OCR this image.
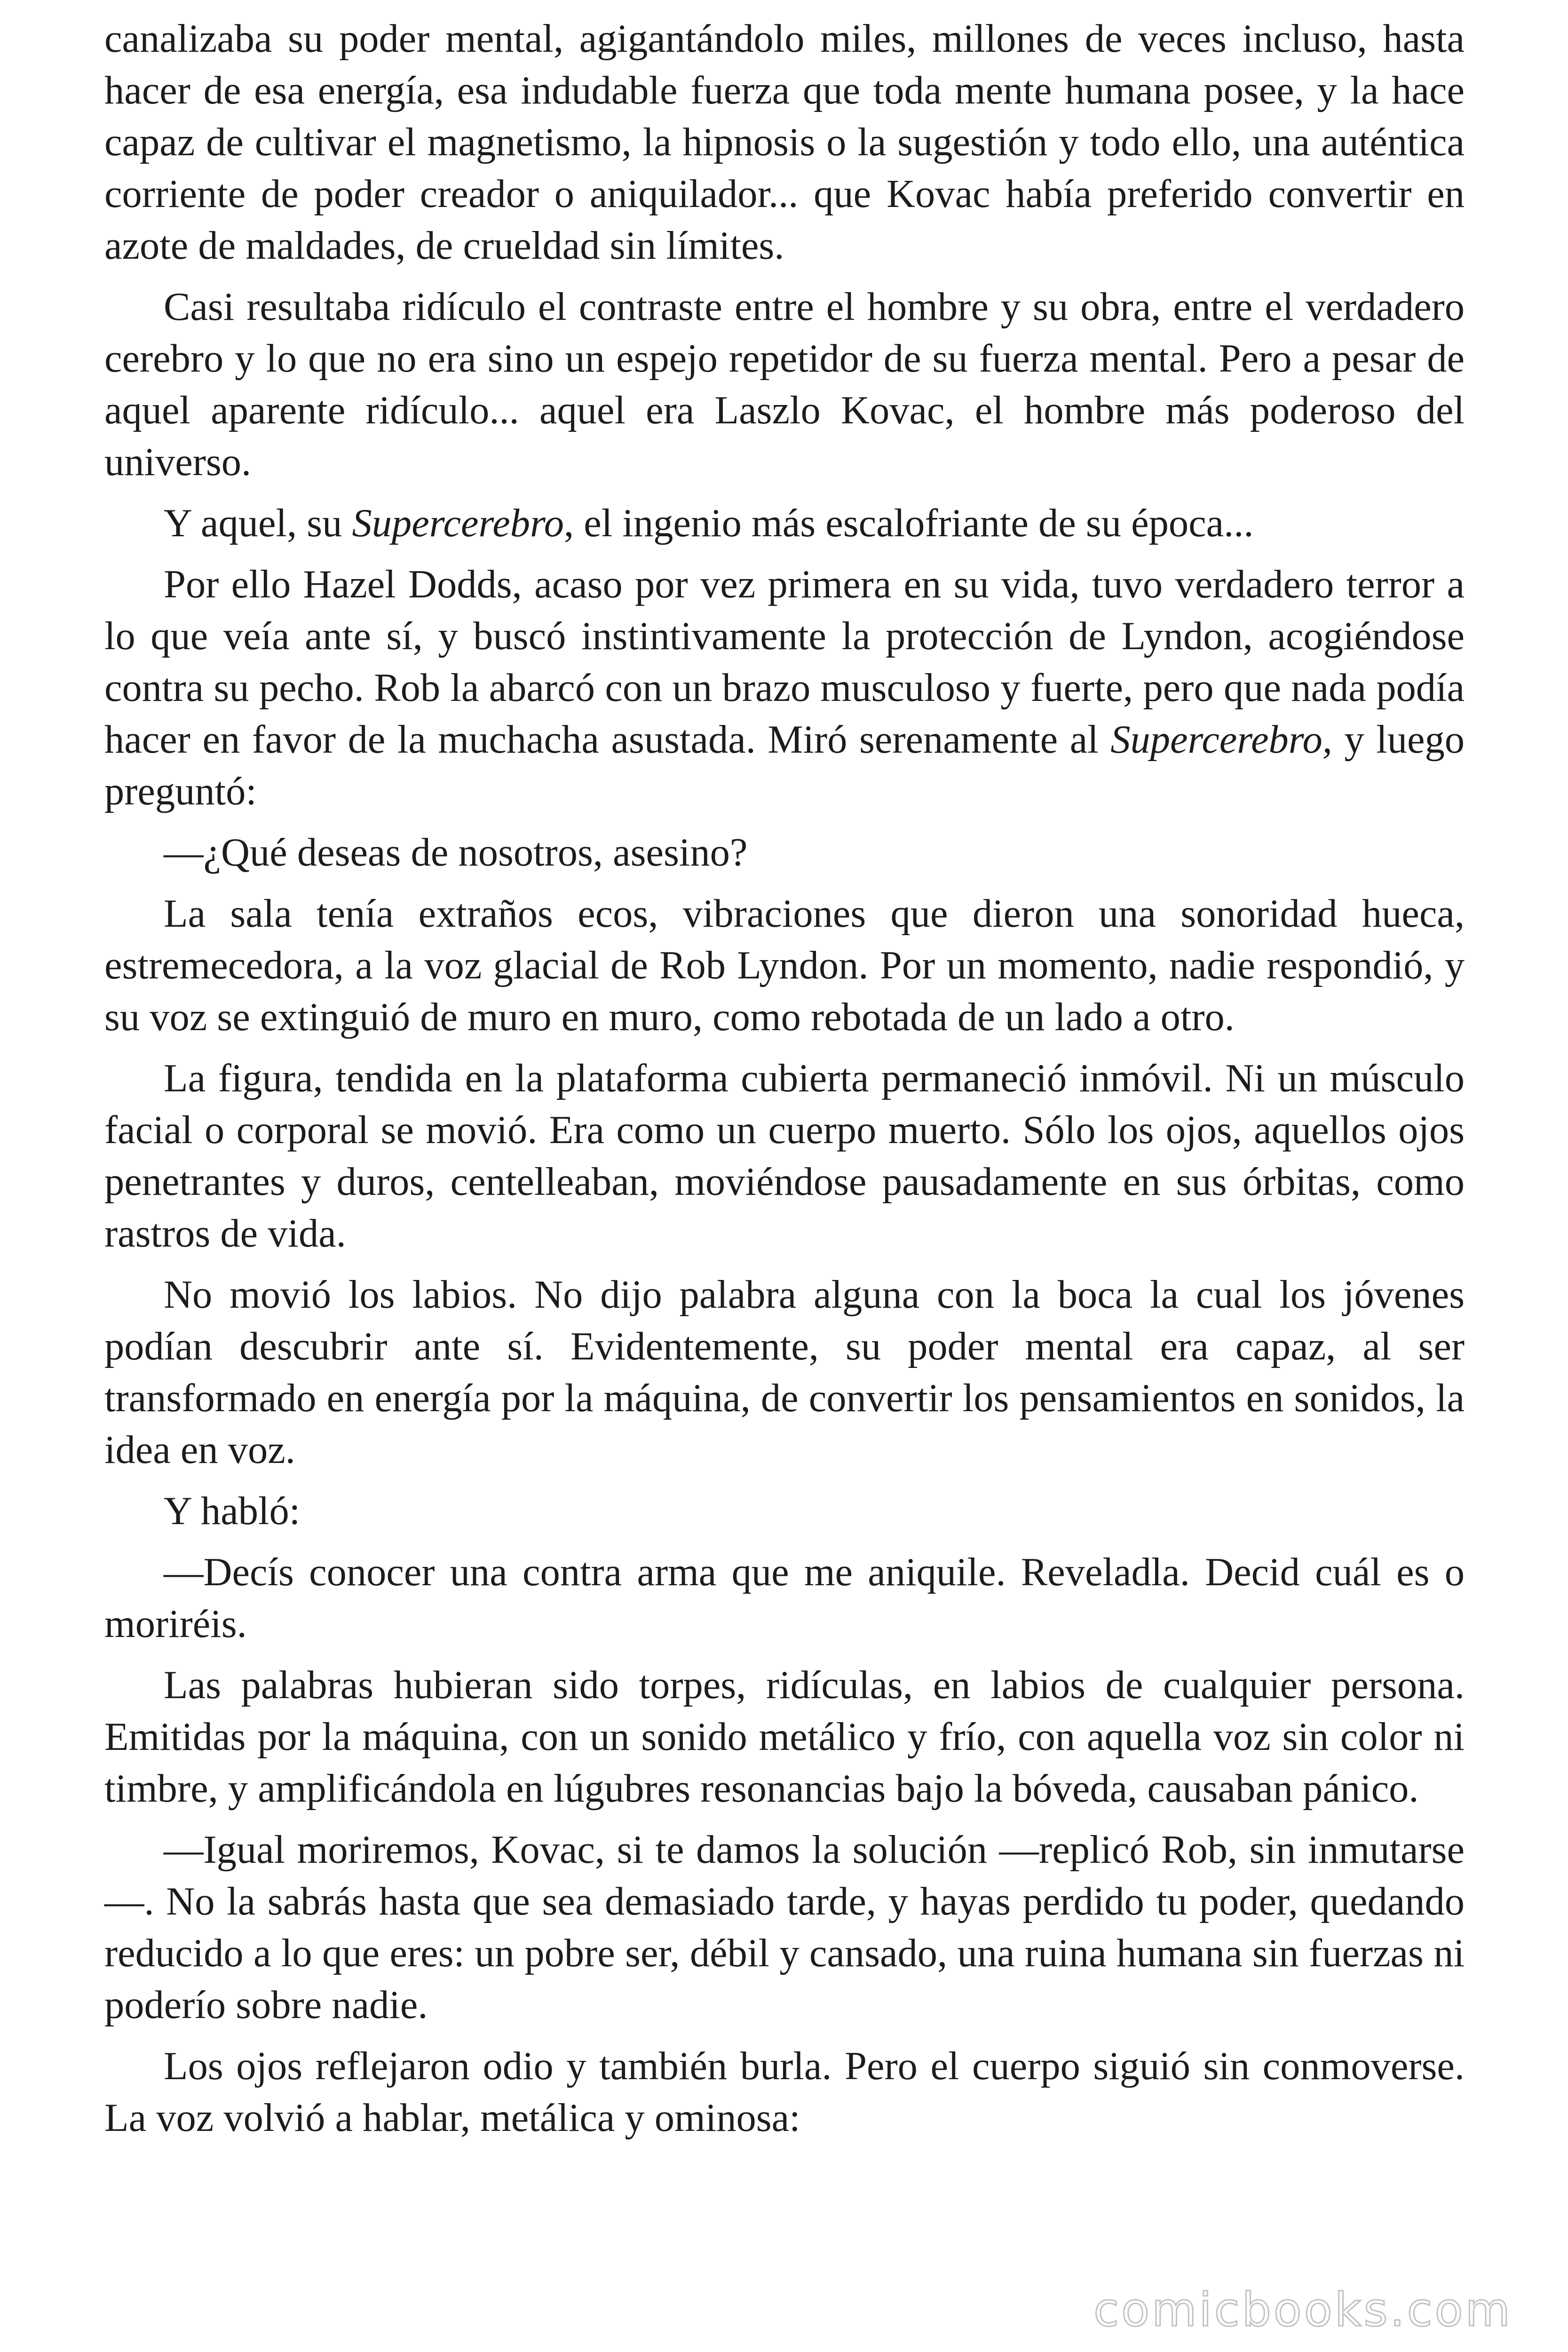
canalizaba su poder mental, agigantándolo miles, millones de veces incluso, hasta hacer de esa energía, esa indudable fuerza que toda mente humana posee, y la hace capaz de cultivar el magnetismo, la hipnosis o la sugestión y todo ello, una auténtica corriente de poder creador o aniquilador... que Kovac había preferido convertir en azote de maldades, de crueldad sin límites.

Casi resultaba ridículo el contraste entre el hombre y su obra, entre el verdadero cerebro y lo que no era sino un espejo repetidor de su fuerza mental. Pero a pesar de aquel aparente ridículo... aquel era Laszlo Kovac, el hombre más poderoso del universo.

Y aquel, su Supercerebro, el ingenio más escalofriante de su época...

Por ello Hazel Dodds, acaso por vez primera en su vida, tuvo verdadero terror a lo que veía ante sí, y buscó instintivamente la protección de Lyndon, acogiéndose contra su pecho. Rob la abarcó con un brazo musculoso y fuerte, pero que nada podía hacer en favor de la muchacha asustada. Miró serenamente al Supercerebro, y luego preguntó:

—¿Qué deseas de nosotros, asesino?

La sala tenía extraños ecos, vibraciones que dieron una sonoridad hueca, estremecedora, a la voz glacial de Rob Lyndon. Por un momento, nadie respondió, y su voz se extinguió de muro en muro, como rebotada de un lado a otro.

La figura, tendida en la plataforma cubierta permaneció inmóvil. Ni un músculo facial o corporal se movió. Era como un cuerpo muerto. Sólo los ojos, aquellos ojos penetrantes y duros, centelleaban, moviéndose pausadamente en sus órbitas, como rastros de vida.

No movió los labios. No dijo palabra alguna con la boca la cual los jóvenes podían descubrir ante sí. Evidentemente, su poder mental era capaz, al ser transformado en energía por la máquina, de convertir los pensamientos en sonidos, la idea en voz.

Y habló:

—Decís conocer una contra arma que me aniquile. Reveladla. Decid cuál es o moriréis.

Las palabras hubieran sido torpes, ridículas, en labios de cualquier persona. Emitidas por la máquina, con un sonido metálico y frío, con aquella voz sin color ni timbre, y amplificándola en lúgubres resonancias bajo la bóveda, causaban pánico.

—Igual moriremos, Kovac, si te damos la solución —replicó Rob, sin inmutarse—. No la sabrás hasta que sea demasiado tarde, y hayas perdido tu poder, quedando reducido a lo que eres: un pobre ser, débil y cansado, una ruina humana sin fuerzas ni poderío sobre nadie.

Los ojos reflejaron odio y también burla. Pero el cuerpo siguió sin conmoverse. La voz volvió a hablar, metálica y ominosa:

comicbooks.com
